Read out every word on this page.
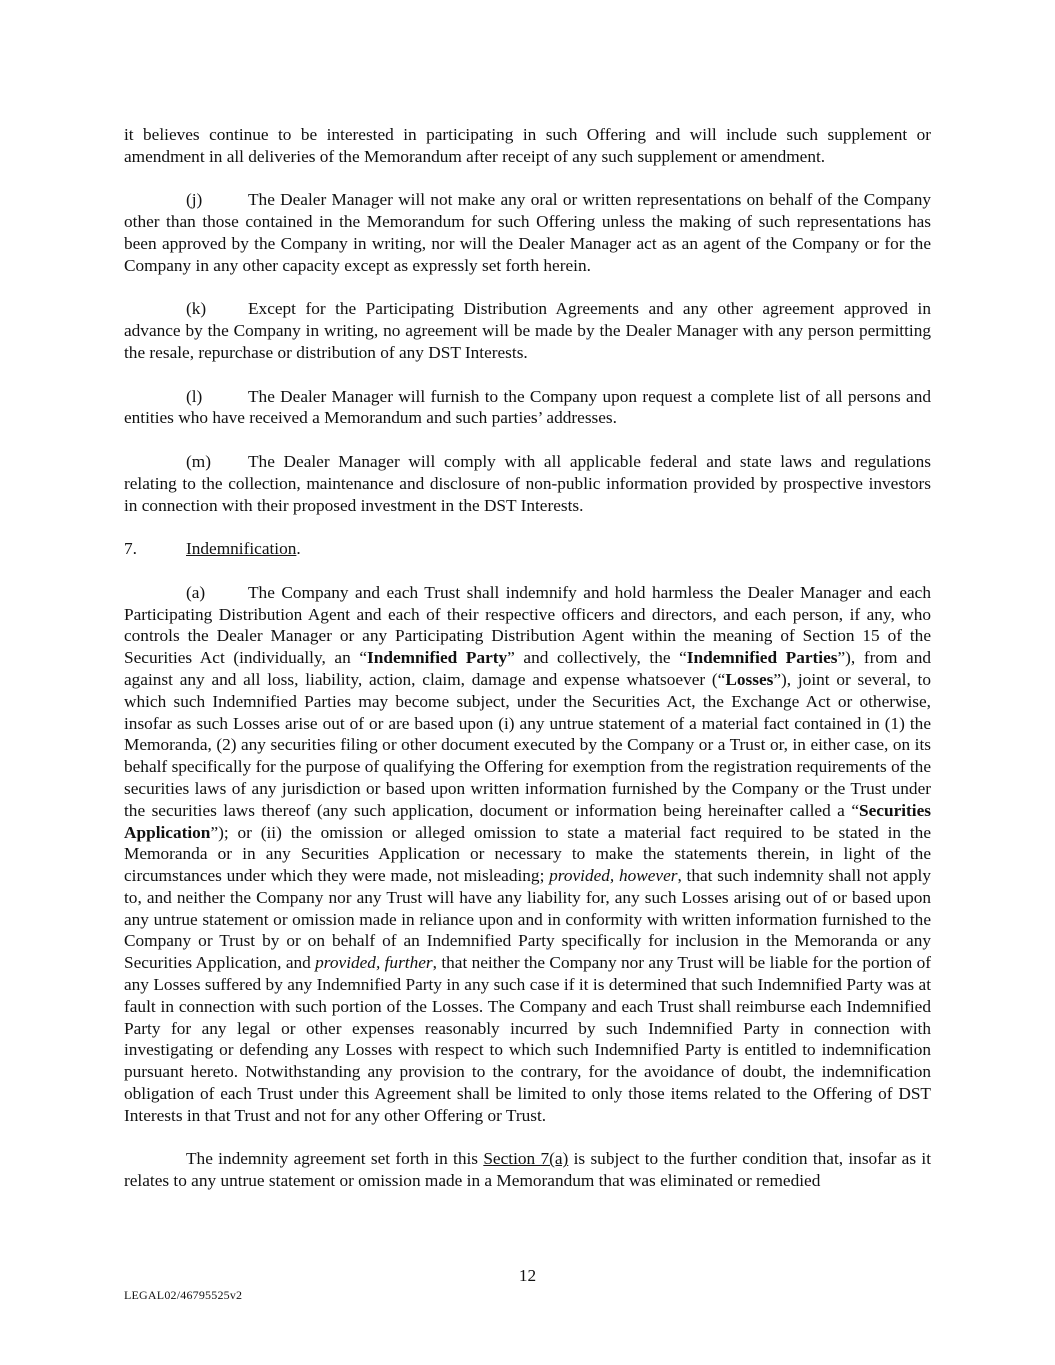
it believes continue to be interested in participating in such Offering and will include such supplement or amendment in all deliveries of the Memorandum after receipt of any such supplement or amendment.

(j)	The Dealer Manager will not make any oral or written representations on behalf of the Company other than those contained in the Memorandum for such Offering unless the making of such representations has been approved by the Company in writing, nor will the Dealer Manager act as an agent of the Company or for the Company in any other capacity except as expressly set forth herein.

(k) Except for the Participating Distribution Agreements and any other agreement approved in advance by the Company in writing, no agreement will be made by the Dealer Manager with any person permitting the resale, repurchase or distribution of any DST Interests.

(l)	The Dealer Manager will furnish to the Company upon request a complete list of all persons and entities who have received a Memorandum and such parties’ addresses.

(m) The Dealer Manager will comply with all applicable federal and state laws and regulations relating to the collection, maintenance and disclosure of non-public information provided by prospective investors in connection with their proposed investment in the DST Interests.

7.	Indemnification.

(a) The Company and each Trust shall indemnify and hold harmless the Dealer Manager and each Participating Distribution Agent and each of their respective officers and directors, and each person, if any, who controls the Dealer Manager or any Participating Distribution Agent within the meaning of Section 15 of the Securities Act (individually, an “Indemnified Party” and collectively, the “Indemnified Parties”), from and against any and all loss, liability, action, claim, damage and expense whatsoever (“Losses”), joint or several, to which such Indemnified Parties may become subject, under the Securities Act, the Exchange Act or otherwise, insofar as such Losses arise out of or are based upon (i) any untrue statement of a material fact contained in (1) the Memoranda, (2) any securities filing or other document executed by the Company or a Trust or, in either case, on its behalf specifically for the purpose of qualifying the Offering for exemption from the registration requirements of the securities laws of any jurisdiction or based upon written information furnished by the Company or the Trust under the securities laws thereof (any such application, document or information being hereinafter called a “Securities Application”); or (ii) the omission or alleged omission to state a material fact required to be stated in the Memoranda or in any Securities Application or necessary to make the statements therein, in light of the circumstances under which they were made, not misleading; provided, however, that such indemnity shall not apply to, and neither the Company nor any Trust will have any liability for, any such Losses arising out of or based upon any untrue statement or omission made in reliance upon and in conformity with written information furnished to the Company or Trust by or on behalf of an Indemnified Party specifically for inclusion in the Memoranda or any Securities Application, and provided, further, that neither the Company nor any Trust will be liable for the portion of any Losses suffered by any Indemnified Party in any such case if it is determined that such Indemnified Party was at fault in connection with such portion of the Losses. The Company and each Trust shall reimburse each Indemnified Party for any legal or other expenses reasonably incurred by such Indemnified Party in connection with investigating or defending any Losses with respect to which such Indemnified Party is entitled to indemnification pursuant hereto. Notwithstanding any provision to the contrary, for the avoidance of doubt, the indemnification obligation of each Trust under this Agreement shall be limited to only those items related to the Offering of DST Interests in that Trust and not for any other Offering or Trust.

The indemnity agreement set forth in this Section 7(a) is subject to the further condition that, insofar as it relates to any untrue statement or omission made in a Memorandum that was eliminated or remedied

12
LEGAL02/46795525v2
